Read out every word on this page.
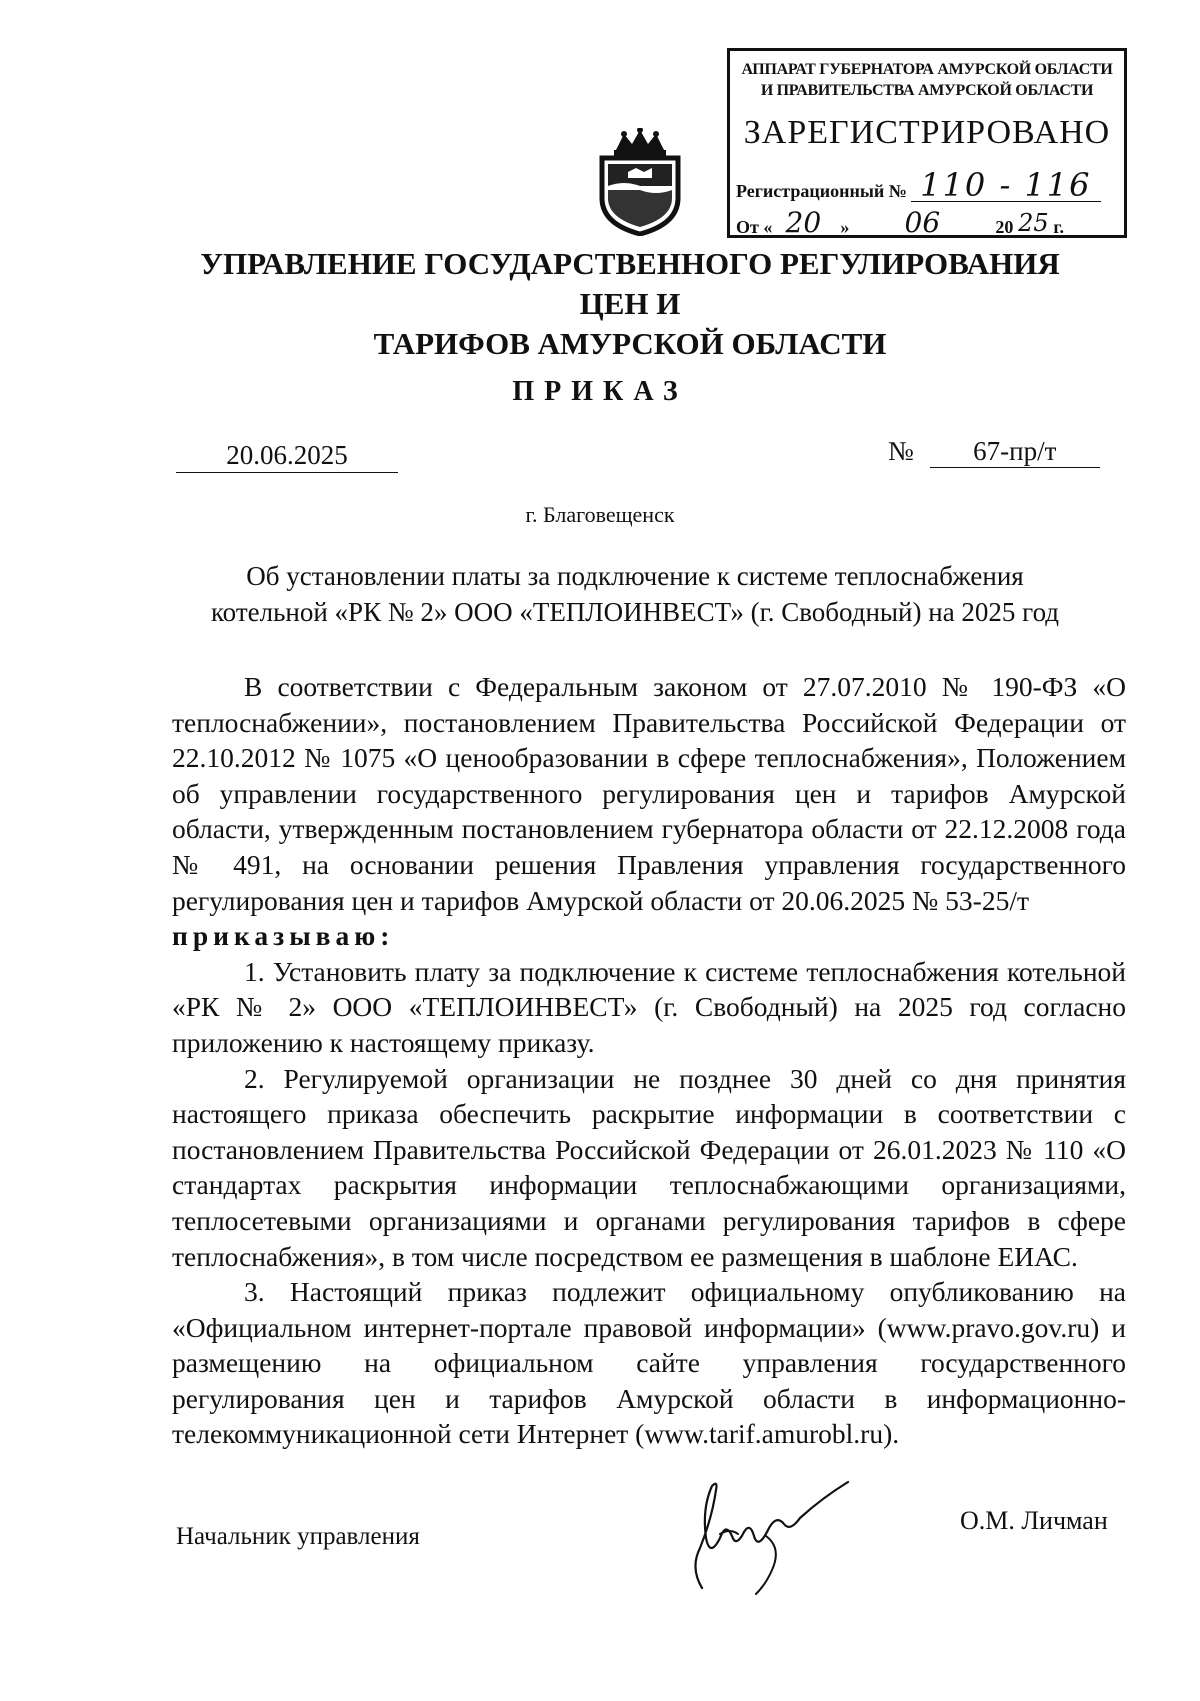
АППАРАТ ГУБЕРНАТОРА АМУРСКОЙ ОБЛАСТИ
И ПРАВИТЕЛЬСТВА АМУРСКОЙ ОБЛАСТИ
ЗАРЕГИСТРИРОВАНО
Регистрационный № 110 - 116
От « 20 » 06	20 25 г.
УПРАВЛЕНИЕ ГОСУДАРСТВЕННОГО РЕГУЛИРОВАНИЯ ЦЕН И
ТАРИФОВ АМУРСКОЙ ОБЛАСТИ
ПРИКАЗ
20.06.2025	№ 67-пр/т
г. Благовещенск
Об установлении платы за подключение к системе теплоснабжения
котельной «РК № 2» ООО «ТЕПЛОИНВЕСТ» (г. Свободный) на 2025 год

В соответствии с Федеральным законом от 27.07.2010 № 190-ФЗ «О теплоснабжении», постановлением Правительства Российской Федерации от 22.10.2012 № 1075 «О ценообразовании в сфере теплоснабжения», Положением об управлении государственного регулирования цен и тарифов Амурской области, утвержденным постановлением губернатора области от 22.12.2008 года № 491, на основании решения Правления управления государственного регулирования цен и тарифов Амурской области от 20.06.2025 № 53-25/т

приказываю:

1. Установить плату за подключение к системе теплоснабжения котельной «РК № 2» ООО «ТЕПЛОИНВЕСТ» (г. Свободный) на 2025 год согласно приложению к настоящему приказу.

2. Регулируемой организации не позднее 30 дней со дня принятия настоящего приказа обеспечить раскрытие информации в соответствии с постановлением Правительства Российской Федерации от 26.01.2023 № 110 «О стандартах раскрытия информации теплоснабжающими организациями, теплосетевыми организациями и органами регулирования тарифов в сфере теплоснабжения», в том числе посредством ее размещения в шаблоне ЕИАС.

3. Настоящий приказ подлежит официальному опубликованию на «Официальном интернет-портале правовой информации» (www.pravo.gov.ru) и размещению на официальном сайте управления государственного регулирования цен и тарифов Амурской области в информационно-телекоммуникационной сети Интернет (www.tarif.amurobl.ru).

Начальник управления
О.М. Личман
